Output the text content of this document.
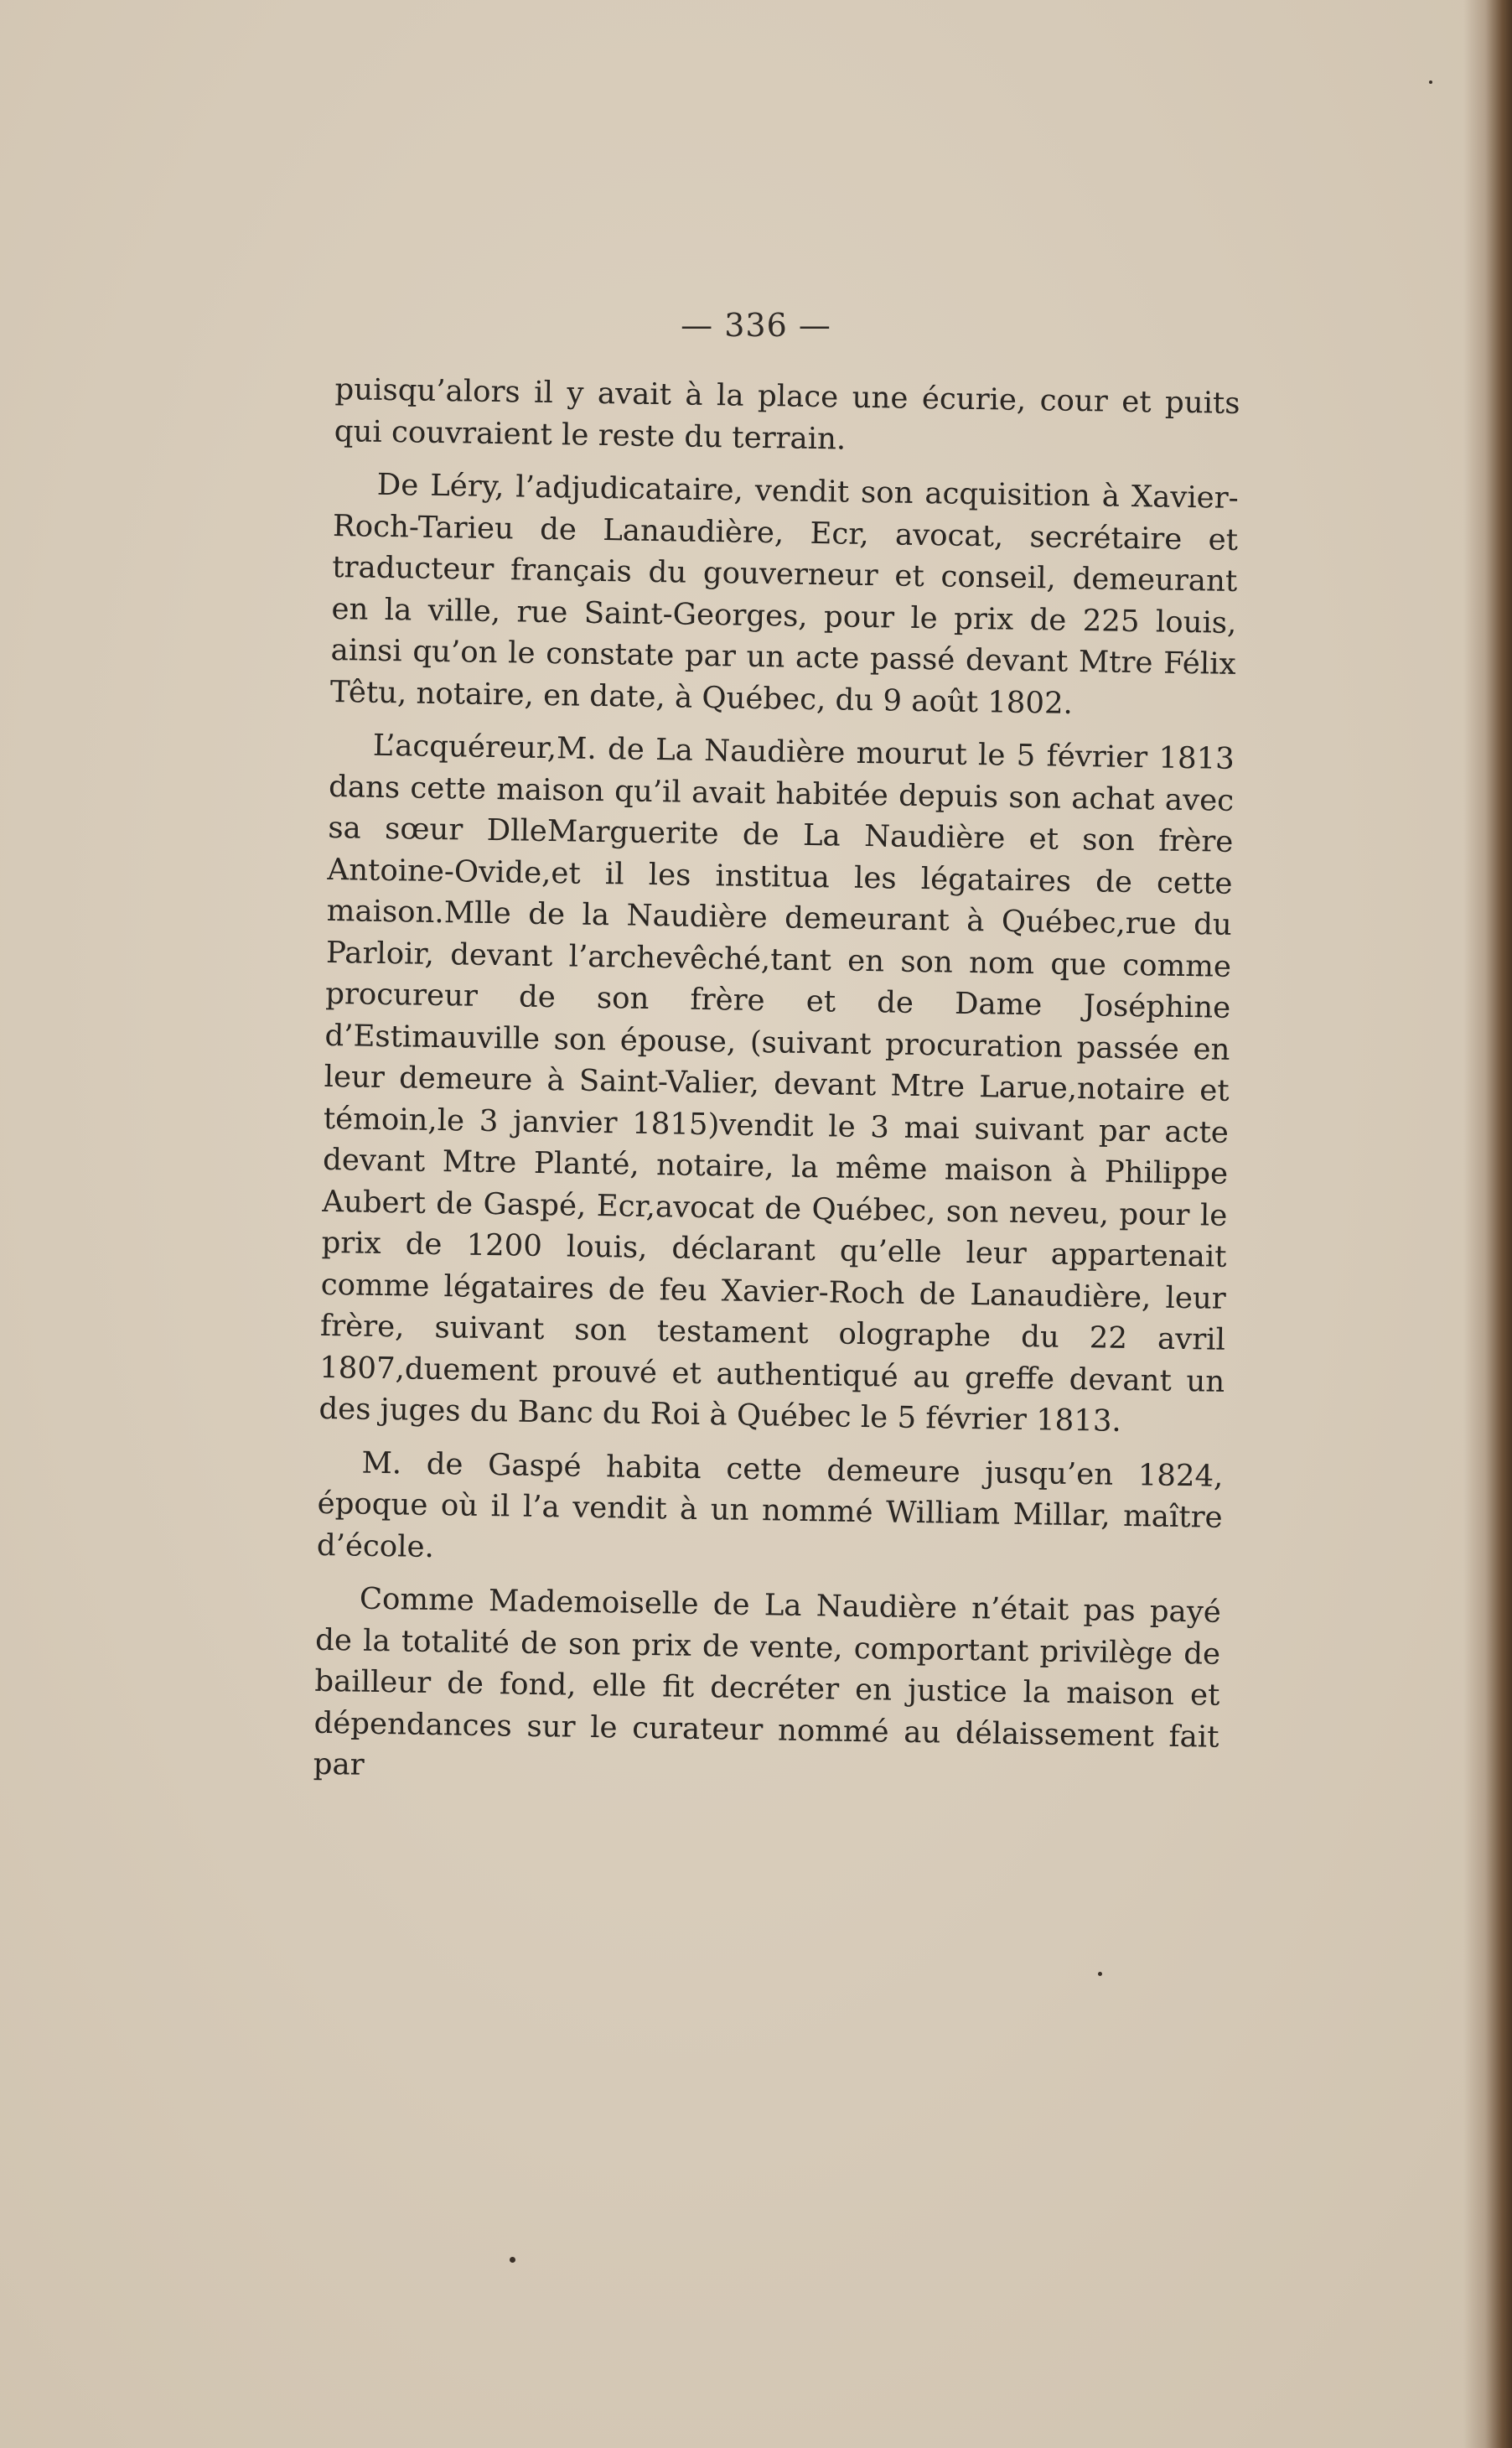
— 336 —

puisqu’alors il y avait à la place une écurie, cour et puits qui couvraient le reste du terrain.

De Léry, l’adjudicataire, vendit son acquisition à Xavier-Roch-Tarieu de Lanaudière, Ecr, avocat, secrétaire et traducteur français du gouverneur et conseil, demeurant en la ville, rue Saint-Georges, pour le prix de 225 louis, ainsi qu’on le constate par un acte passé devant Mtre Félix Têtu, notaire, en date, à Québec, du 9 août 1802.

L’acquéreur,M. de La Naudière mourut le 5 février 1813 dans cette maison qu’il avait habitée depuis son achat avec sa sœur DlleMarguerite de La Naudière et son frère Antoine-Ovide,et il les institua les légataires de cette maison.Mlle de la Naudière demeurant à Québec,rue du Parloir, devant l’archevêché,tant en son nom que comme procureur de son frère et de Dame Joséphine d’Estimauville son épouse, (suivant procuration passée en leur demeure à Saint-Valier, devant Mtre Larue,notaire et témoin,le 3 janvier 1815)vendit le 3 mai suivant par acte devant Mtre Planté, notaire, la même maison à Philippe Aubert de Gaspé, Ecr,avocat de Québec, son neveu, pour le prix de 1200 louis, déclarant qu’elle leur appartenait comme légataires de feu Xavier-Roch de Lanaudière, leur frère, suivant son testament olographe du 22 avril 1807,duement prouvé et authentiqué au greffe devant un des juges du Banc du Roi à Québec le 5 février 1813.

M. de Gaspé habita cette demeure jusqu’en 1824, époque où il l’a vendit à un nommé William Millar, maître d’école.

Comme Mademoiselle de La Naudière n’était pas payé de la totalité de son prix de vente, comportant privilège de bailleur de fond, elle fit decréter en justice la maison et dépendances sur le curateur nommé au délaissement fait par
